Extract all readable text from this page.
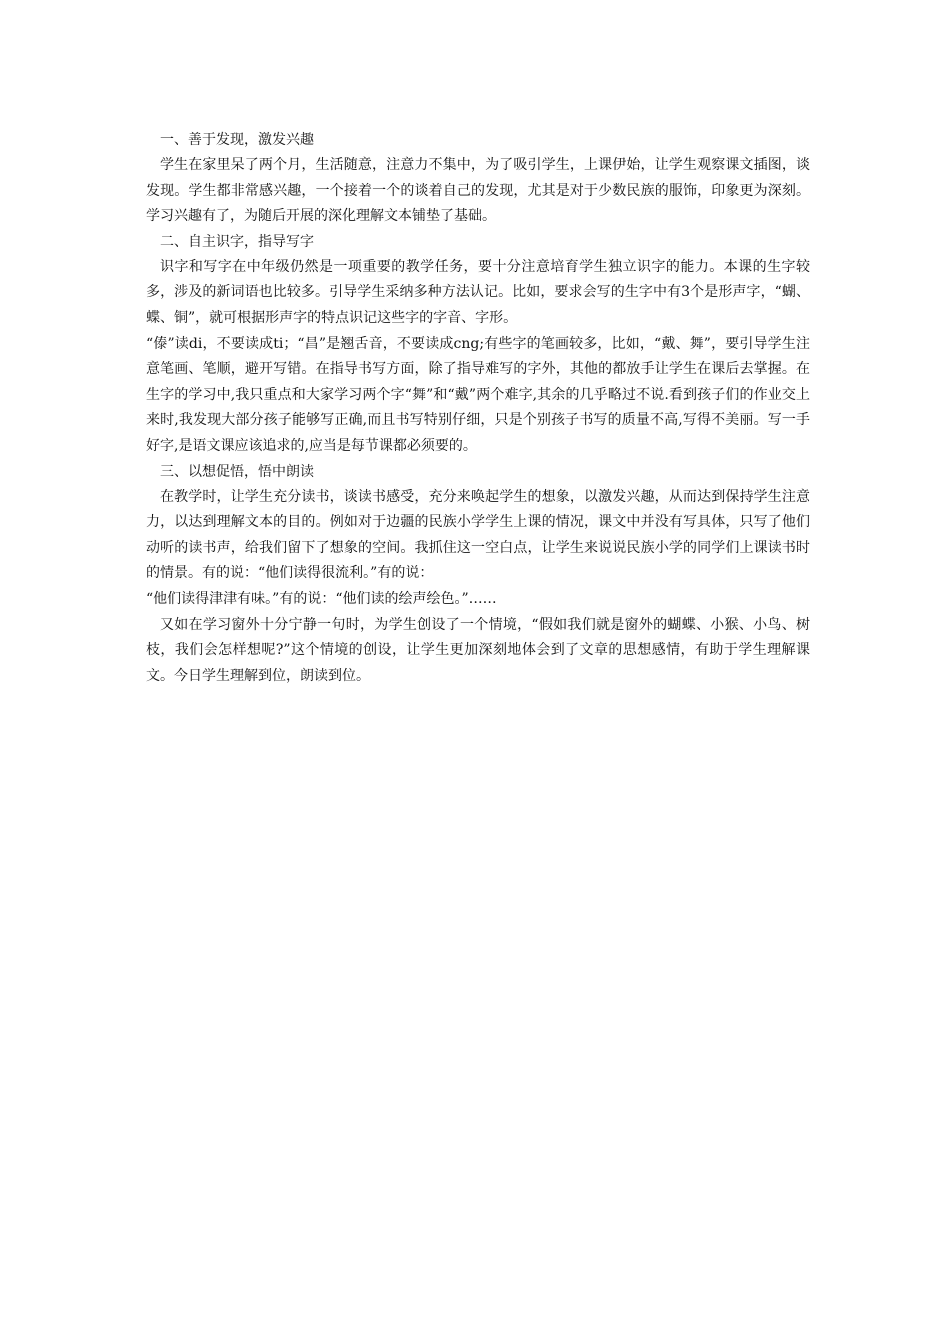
一、善于发现，激发兴趣

学生在家里呆了两个月，生活随意，注意力不集中，为了吸引学生，上课伊始，让学生观察课文插图，谈发现。学生都非常感兴趣，一个接着一个的谈着自己的发现，尤其是对于少数民族的服饰，印象更为深刻。学习兴趣有了，为随后开展的深化理解文本铺垫了基础。

二、自主识字，指导写字

识字和写字在中年级仍然是一项重要的教学任务，要十分注意培育学生独立识字的能力。本课的生字较多，涉及的新词语也比较多。引导学生采纳多种方法认记。比如，要求会写的生字中有3个是形声字，“蝴、蝶、铜”，就可根据形声字的特点识记这些字的字音、字形。

“傣”读di，不要读成ti；“昌”是翘舌音，不要读成cng;有些字的笔画较多，比如，“戴、舞”，要引导学生注意笔画、笔顺，避开写错。在指导书写方面，除了指导难写的字外，其他的都放手让学生在课后去掌握。在生字的学习中,我只重点和大家学习两个字“舞”和“戴”两个难字,其余的几乎略过不说.看到孩子们的作业交上来时,我发现大部分孩子能够写正确,而且书写特别仔细，只是个别孩子书写的质量不高,写得不美丽。写一手好字,是语文课应该追求的,应当是每节课都必须要的。

三、以想促悟，悟中朗读

在教学时，让学生充分读书，谈读书感受，充分来唤起学生的想象，以激发兴趣，从而达到保持学生注意力，以达到理解文本的目的。例如对于边疆的民族小学学生上课的情况，课文中并没有写具体，只写了他们动听的读书声，给我们留下了想象的空间。我抓住这一空白点，让学生来说说民族小学的同学们上课读书时的情景。有的说：“他们读得很流利。”有的说：

“他们读得津津有味。”有的说：“他们读的绘声绘色。”……

又如在学习窗外十分宁静一句时，为学生创设了一个情境，“假如我们就是窗外的蝴蝶、小猴、小鸟、树枝，我们会怎样想呢?”这个情境的创设，让学生更加深刻地体会到了文章的思想感情，有助于学生理解课文。今日学生理解到位，朗读到位。
